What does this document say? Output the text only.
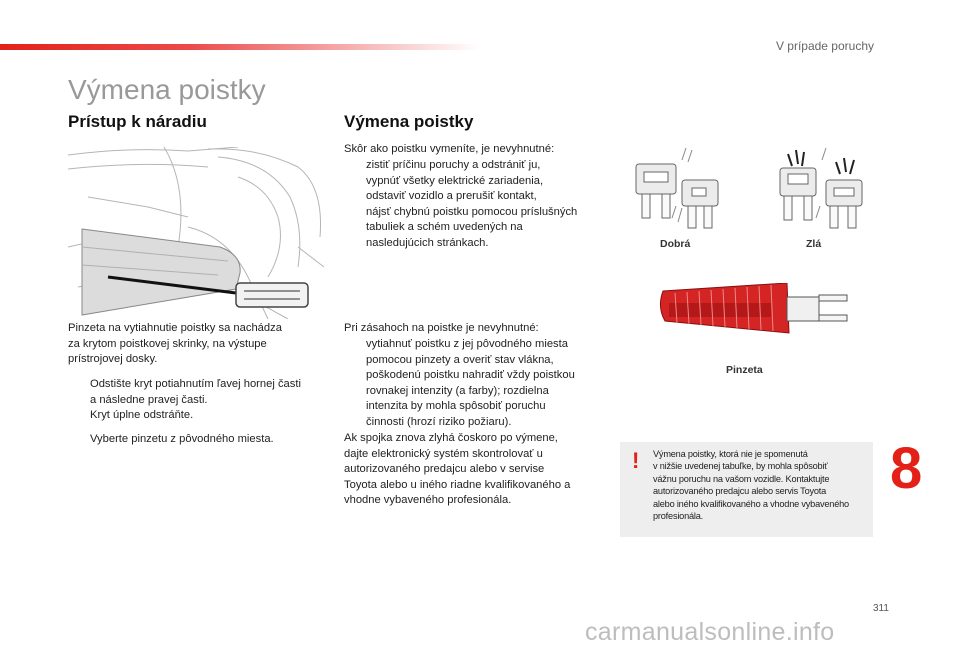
V prípade poruchy
Výmena poistky
Prístup k náradiu

Pinzeta na vytiahnutie poistky sa nachádza
za krytom poistkovej skrinky, na výstupe
prístrojovej dosky.

Odstište kryt potiahnutím ľavej hornej časti
a následne pravej časti.
Kryt úplne odstráňte.
Vyberte pinzetu z pôvodného miesta.
Výmena poistky

Skôr ako poistku vymeníte, je nevyhnutné:

zistiť príčinu poruchy a odstrániť ju,
vypnúť všetky elektrické zariadenia,
odstaviť vozidlo a prerušiť kontakt,
nájsť chybnú poistku pomocou príslušných
tabuliek a schém uvedených na
nasledujúcich stránkach.

Pri zásahoch na poistke je nevyhnutné:

vytiahnuť poistku z jej pôvodného miesta
pomocou pinzety a overiť stav vlákna,
poškodenú poistku nahradiť vždy poistkou
rovnakej intenzity (a farby); rozdielna
intenzita by mohla spôsobiť poruchu
činnosti (hrozí riziko požiaru).

Ak spojka znova zlyhá čoskoro po výmene,
dajte elektronický systém skontrolovať u
autorizovaného predajcu alebo v servise
Toyota alebo u iného riadne kvalifikovaného a
vhodne vybaveného profesionála.

Dobrá	Zlá
Pinzeta
! Výmena poistky, ktorá nie je spomenutá
v nižšie uvedenej tabuľke, by mohla spôsobiť
vážnu poruchu na vašom vozidle. Kontaktujte
autorizovaného predajcu alebo servis Toyota
alebo iného kvalifikovaného a vhodne vybaveného
profesionála.
8
311
carmanualsonline.info
